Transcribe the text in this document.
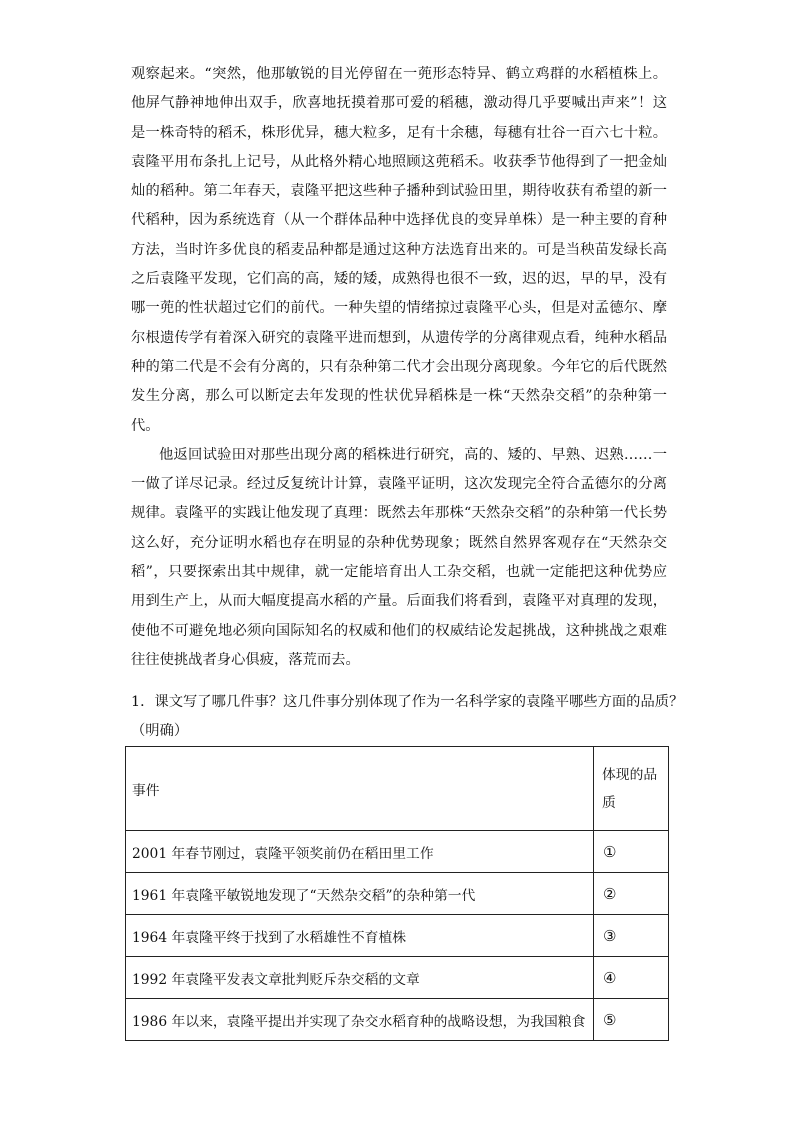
观察起来。“突然，他那敏锐的目光停留在一蔸形态特异、鹤立鸡群的水稻植株上。他屏气静神地伸出双手，欣喜地抚摸着那可爱的稻穗，激动得几乎要喊出声来”！这是一株奇特的稻禾，株形优异，穗大粒多，足有十余穗，每穗有壮谷一百六七十粒。袁隆平用布条扎上记号，从此格外精心地照顾这蔸稻禾。收获季节他得到了一把金灿灿的稻种。第二年春天，袁隆平把这些种子播种到试验田里，期待收获有希望的新一代稻种，因为系统选育（从一个群体品种中选择优良的变异单株）是一种主要的育种方法，当时许多优良的稻麦品种都是通过这种方法选育出来的。可是当秧苗发绿长高之后袁隆平发现，它们高的高，矮的矮，成熟得也很不一致，迟的迟，早的早，没有哪一蔸的性状超过它们的前代。一种失望的情绪掠过袁隆平心头，但是对孟德尔、摩尔根遗传学有着深入研究的袁隆平进而想到，从遗传学的分离律观点看，纯种水稻品种的第二代是不会有分离的，只有杂种第二代才会出现分离现象。今年它的后代既然发生分离，那么可以断定去年发现的性状优异稻株是一株“天然杂交稻”的杂种第一代。

他返回试验田对那些出现分离的稻株进行研究，高的、矮的、早熟、迟熟……一一做了详尽记录。经过反复统计计算，袁隆平证明，这次发现完全符合孟德尔的分离规律。袁隆平的实践让他发现了真理：既然去年那株“天然杂交稻”的杂种第一代长势这么好，充分证明水稻也存在明显的杂种优势现象；既然自然界客观存在“天然杂交稻”，只要探索出其中规律，就一定能培育出人工杂交稻，也就一定能把这种优势应用到生产上，从而大幅度提高水稻的产量。后面我们将看到，袁隆平对真理的发现，使他不可避免地必须向国际知名的权威和他们的权威结论发起挑战，这种挑战之艰难往往使挑战者身心俱疲，落荒而去。

1．课文写了哪几件事？这几件事分别体现了作为一名科学家的袁隆平哪些方面的品质？（明确）

事件	体现的品质
2001 年春节刚过，袁隆平领奖前仍在稻田里工作	①
1961 年袁隆平敏锐地发现了“天然杂交稻”的杂种第一代	②
1964 年袁隆平终于找到了水稻雄性不育植株	③
1992 年袁隆平发表文章批判贬斥杂交稻的文章	④
1986 年以来，袁隆平提出并实现了杂交水稻育种的战略设想，为我国粮食	⑤
